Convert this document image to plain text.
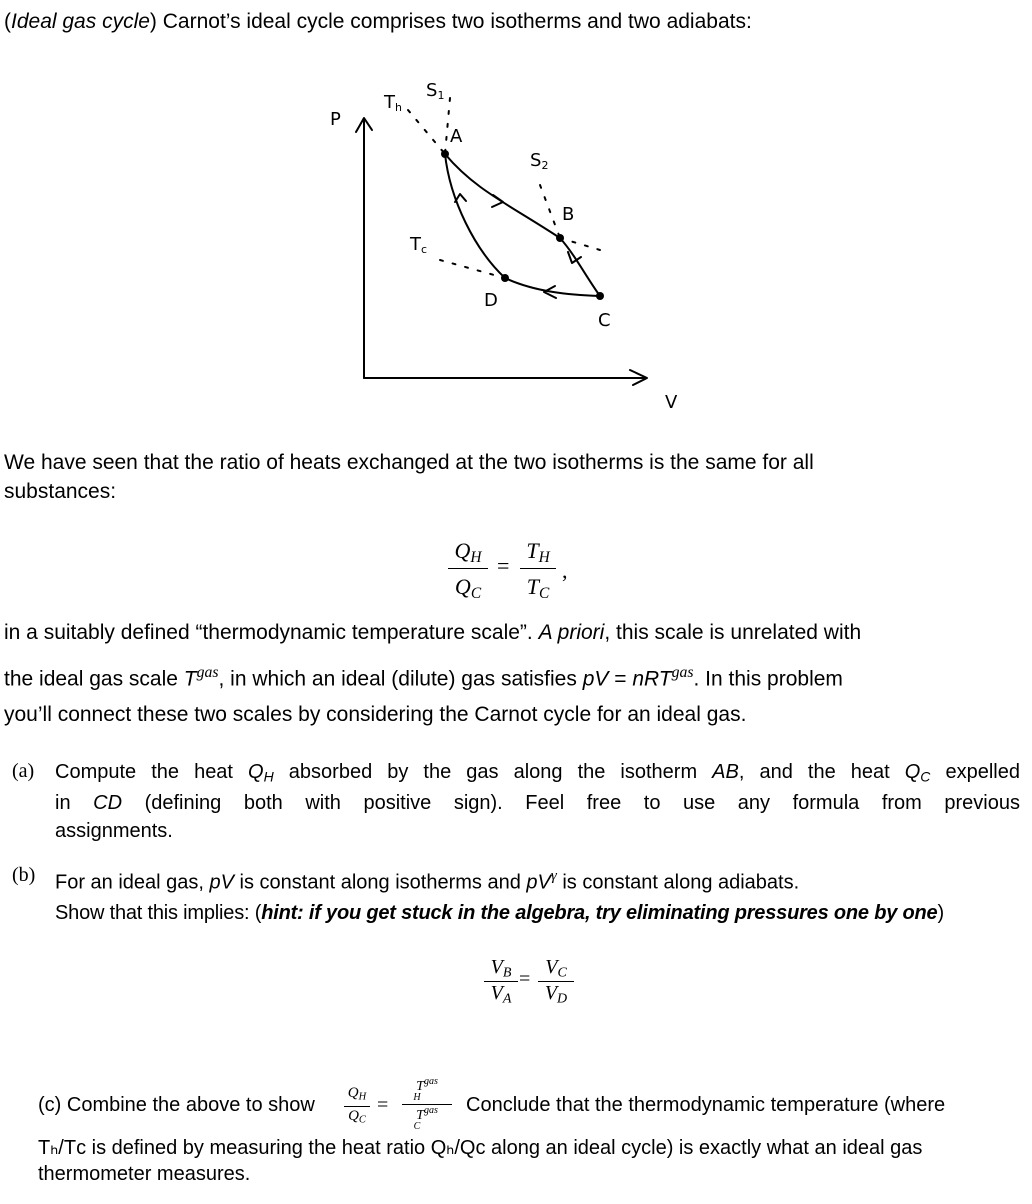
(Ideal gas cycle) Carnot’s ideal cycle comprises two isotherms and two adiabats:
P
V
Th
Tc
S1
S2
A
B
C
D
We have seen that the ratio of heats exchanged at the two isotherms is the same for all
substances:
$Q_H$
$Q_C$
=
$T_H$
$T_C$
,
in a suitably defined “thermodynamic temperature scale”. A priori, this scale is unrelated with
the ideal gas scale $T^{gas}$, in which an ideal (dilute) gas satisfies pV = nRT$^{gas}$. In this problem
you’ll connect these two scales by considering the Carnot cycle for an ideal gas.
(a) Compute the heat $Q_H$ absorbed by the gas along the isotherm AB, and the heat $Q_C$ expelled
in CD (defining both with positive sign). Feel free to use any formula from previous
assignments.
(b) For an ideal gas, pV is constant along isotherms and $pV^\gamma$ is constant along adiabats.
Show that this implies: (hint: if you get stuck in the algebra, try eliminating pressures one by one)
$V_B$
$V_A$
=
$V_C$
$V_D$
(c) Combine the above to show
$Q_H$
$Q_C$
=
$T^{gas}$
$^H$
$T^{gas}$
$^C$
Conclude that the thermodynamic temperature (where
Tₕ/Tᴄ is defined by measuring the heat ratio Qₕ/Qᴄ along an ideal cycle) is exactly what an ideal gas
thermometer measures.
